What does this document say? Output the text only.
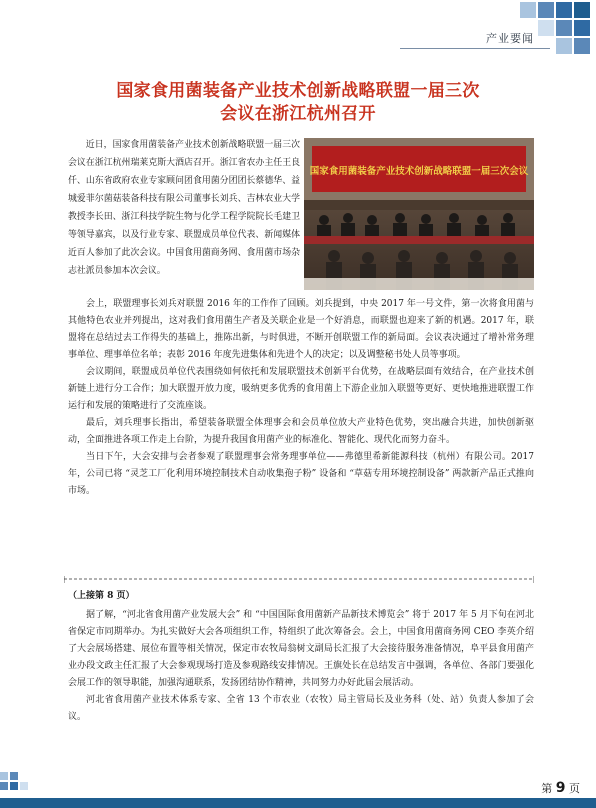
产业要闻
国家食用菌装备产业技术创新战略联盟一届三次
会议在浙江杭州召开
近日，国家食用菌装备产业技术创新战略联盟一届三次会议在浙江杭州瑞莱克斯大酒店召开。浙江省农办主任王良仟、山东省政府农业专家顾问团食用菌分团团长蔡德华、益城爱菲尔菌菇装备科技有限公司董事长刘兵、吉林农业大学教授李长田、浙江科技学院生物与化学工程学院院长毛建卫等领导嘉宾，以及行业专家、联盟成员单位代表、新闻媒体近百人参加了此次会议。中国食用菌商务网、食用菌市场杂志社派员参加本次会议。
国家食用菌装备产业技术创新战略联盟一届三次会议

会上，联盟理事长刘兵对联盟 2016 年的工作作了回顾。刘兵提到，中央 2017 年一号文件，第一次将食用菌与其他特色农业并列提出，这对我们食用菌生产者及关联企业是一个好消息，而联盟也迎来了新的机遇。2017 年，联盟将在总结过去工作得失的基础上，推陈出新，与时俱进，不断开创联盟工作的新局面。会议表决通过了增补常务理事单位、理事单位名单；表彰 2016 年度先进集体和先进个人的决定；以及调整秘书处人员等事项。

会议期间，联盟成员单位代表围绕如何依托和发展联盟技术创新平台优势，在战略层面有效结合，在产业技术创新链上进行分工合作；加大联盟开放力度，吸纳更多优秀的食用菌上下游企业加入联盟等更好、更快地推进联盟工作运行和发展的策略进行了交流座谈。

最后，刘兵理事长指出，希望装备联盟全体理事会和会员单位放大产业特色优势，突出融合共进，加快创新驱动，全面推进各项工作走上台阶，为提升我国食用菌产业的标准化、智能化、现代化而努力奋斗。

当日下午，大会安排与会者参观了联盟理事会常务理事单位——弗德里希新能源科技（杭州）有限公司。2017 年，公司已将 “灵芝工厂化利用环境控制技术自动收集孢子粉” 设备和 “草菇专用环境控制设备” 两款新产品正式推向市场。

（上接第 8 页）

据了解，“河北省食用菌产业发展大会” 和 “中国国际食用菌新产品新技术博览会” 将于 2017 年 5 月下旬在河北省保定市同期举办。为扎实做好大会各项组织工作，特组织了此次筹备会。会上，中国食用菌商务网 CEO 李英介绍了大会展场搭建、展位布置等相关情况，保定市农牧局翁树文副局长汇报了大会接待服务准备情况，阜平县食用菌产业办段文政主任汇报了大会参观现场打造及参观路线安排情况。王旗处长在总结发言中强调，各单位、各部门要强化会展工作的领导职能，加强沟通联系，发扬团结协作精神，共同努力办好此届会展活动。

河北省食用菌产业技术体系专家、全省 13 个市农业（农牧）局主管局长及业务科（处、站）负责人参加了会议。

第 9 页
